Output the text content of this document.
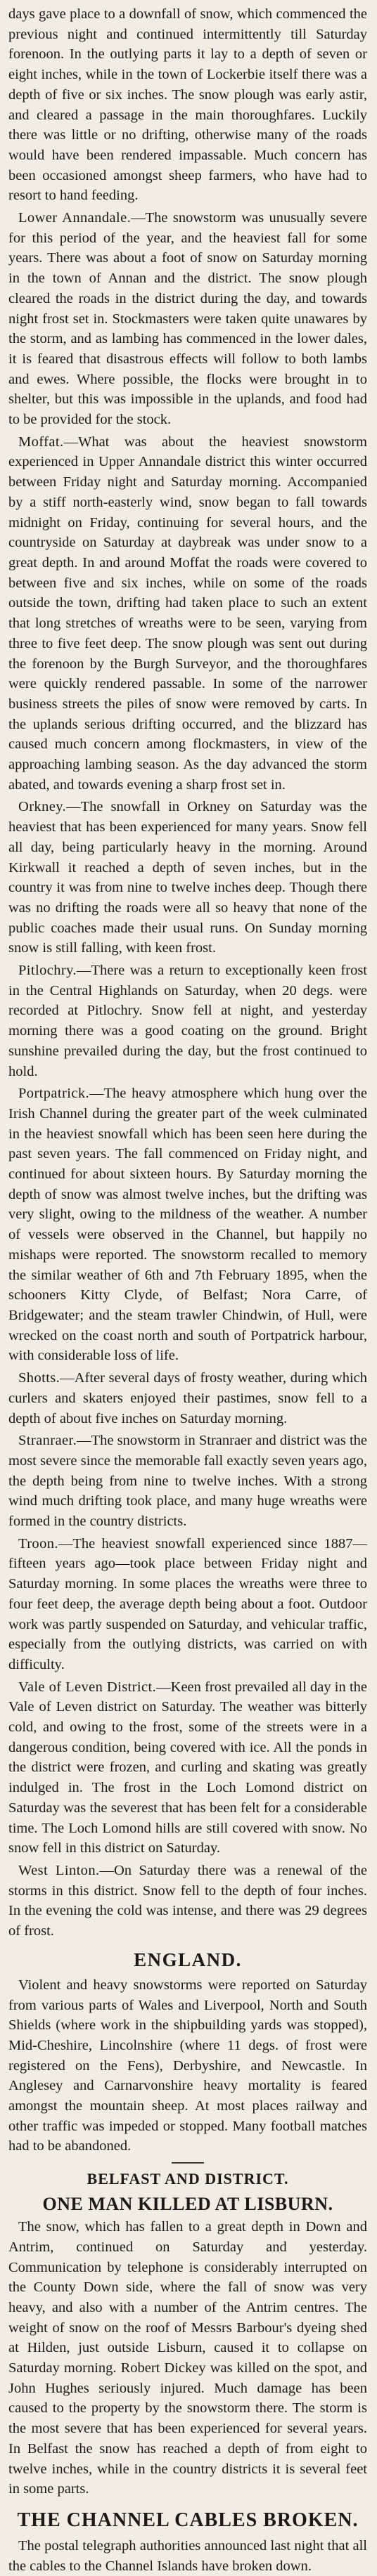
days gave place to a downfall of snow, which commenced the previous night and continued intermittently till Saturday forenoon. In the outlying parts it lay to a depth of seven or eight inches, while in the town of Lockerbie itself there was a depth of five or six inches. The snow plough was early astir, and cleared a passage in the main thoroughfares. Luckily there was little or no drifting, otherwise many of the roads would have been rendered impassable. Much concern has been occasioned amongst sheep farmers, who have had to resort to hand feeding.

Lower Annandale.—The snowstorm was unusually severe for this period of the year, and the heaviest fall for some years. There was about a foot of snow on Saturday morning in the town of Annan and the district. The snow plough cleared the roads in the district during the day, and towards night frost set in. Stockmasters were taken quite unawares by the storm, and as lambing has commenced in the lower dales, it is feared that disastrous effects will follow to both lambs and ewes. Where possible, the flocks were brought in to shelter, but this was impossible in the uplands, and food had to be provided for the stock.

Moffat.—What was about the heaviest snowstorm experienced in Upper Annandale district this winter occurred between Friday night and Saturday morning. Accompanied by a stiff north-easterly wind, snow began to fall towards midnight on Friday, continuing for several hours, and the countryside on Saturday at daybreak was under snow to a great depth. In and around Moffat the roads were covered to between five and six inches, while on some of the roads outside the town, drifting had taken place to such an extent that long stretches of wreaths were to be seen, varying from three to five feet deep. The snow plough was sent out during the forenoon by the Burgh Surveyor, and the thoroughfares were quickly rendered passable. In some of the narrower business streets the piles of snow were removed by carts. In the uplands serious drifting occurred, and the blizzard has caused much concern among flockmasters, in view of the approaching lambing season. As the day advanced the storm abated, and towards evening a sharp frost set in.

Orkney.—The snowfall in Orkney on Saturday was the heaviest that has been experienced for many years. Snow fell all day, being particularly heavy in the morning. Around Kirkwall it reached a depth of seven inches, but in the country it was from nine to twelve inches deep. Though there was no drifting the roads were all so heavy that none of the public coaches made their usual runs. On Sunday morning snow is still falling, with keen frost.

Pitlochry.—There was a return to exceptionally keen frost in the Central Highlands on Saturday, when 20 degs. were recorded at Pitlochry. Snow fell at night, and yesterday morning there was a good coating on the ground. Bright sunshine prevailed during the day, but the frost continued to hold.

Portpatrick.—The heavy atmosphere which hung over the Irish Channel during the greater part of the week culminated in the heaviest snowfall which has been seen here during the past seven years. The fall commenced on Friday night, and continued for about sixteen hours. By Saturday morning the depth of snow was almost twelve inches, but the drifting was very slight, owing to the mildness of the weather. A number of vessels were observed in the Channel, but happily no mishaps were reported. The snowstorm recalled to memory the similar weather of 6th and 7th February 1895, when the schooners Kitty Clyde, of Belfast; Nora Carre, of Bridgewater; and the steam trawler Chindwin, of Hull, were wrecked on the coast north and south of Portpatrick harbour, with considerable loss of life.

Shotts.—After several days of frosty weather, during which curlers and skaters enjoyed their pastimes, snow fell to a depth of about five inches on Saturday morning.

Stranraer.—The snowstorm in Stranraer and district was the most severe since the memorable fall exactly seven years ago, the depth being from nine to twelve inches. With a strong wind much drifting took place, and many huge wreaths were formed in the country districts.

Troon.—The heaviest snowfall experienced since 1887—fifteen years ago—took place between Friday night and Saturday morning. In some places the wreaths were three to four feet deep, the average depth being about a foot. Outdoor work was partly suspended on Saturday, and vehicular traffic, especially from the outlying districts, was carried on with difficulty.

Vale of Leven District.—Keen frost prevailed all day in the Vale of Leven district on Saturday. The weather was bitterly cold, and owing to the frost, some of the streets were in a dangerous condition, being covered with ice. All the ponds in the district were frozen, and curling and skating was greatly indulged in. The frost in the Loch Lomond district on Saturday was the severest that has been felt for a considerable time. The Loch Lomond hills are still covered with snow. No snow fell in this district on Saturday.

West Linton.—On Saturday there was a renewal of the storms in this district. Snow fell to the depth of four inches. In the evening the cold was intense, and there was 29 degrees of frost.

ENGLAND.

Violent and heavy snowstorms were reported on Saturday from various parts of Wales and Liverpool, North and South Shields (where work in the shipbuilding yards was stopped), Mid-Cheshire, Lincolnshire (where 11 degs. of frost were registered on the Fens), Derbyshire, and Newcastle. In Anglesey and Carnarvonshire heavy mortality is feared amongst the mountain sheep. At most places railway and other traffic was impeded or stopped. Many football matches had to be abandoned.

BELFAST AND DISTRICT.
ONE MAN KILLED AT LISBURN.

The snow, which has fallen to a great depth in Down and Antrim, continued on Saturday and yesterday. Communication by telephone is considerably interrupted on the County Down side, where the fall of snow was very heavy, and also with a number of the Antrim centres. The weight of snow on the roof of Messrs Barbour's dyeing shed at Hilden, just outside Lisburn, caused it to collapse on Saturday morning. Robert Dickey was killed on the spot, and John Hughes seriously injured. Much damage has been caused to the property by the snowstorm there. The storm is the most severe that has been experienced for several years. In Belfast the snow has reached a depth of from eight to twelve inches, while in the country districts it is several feet in some parts.

THE CHANNEL CABLES BROKEN.

The postal telegraph authorities announced last night that all the cables to the Channel Islands have broken down.
